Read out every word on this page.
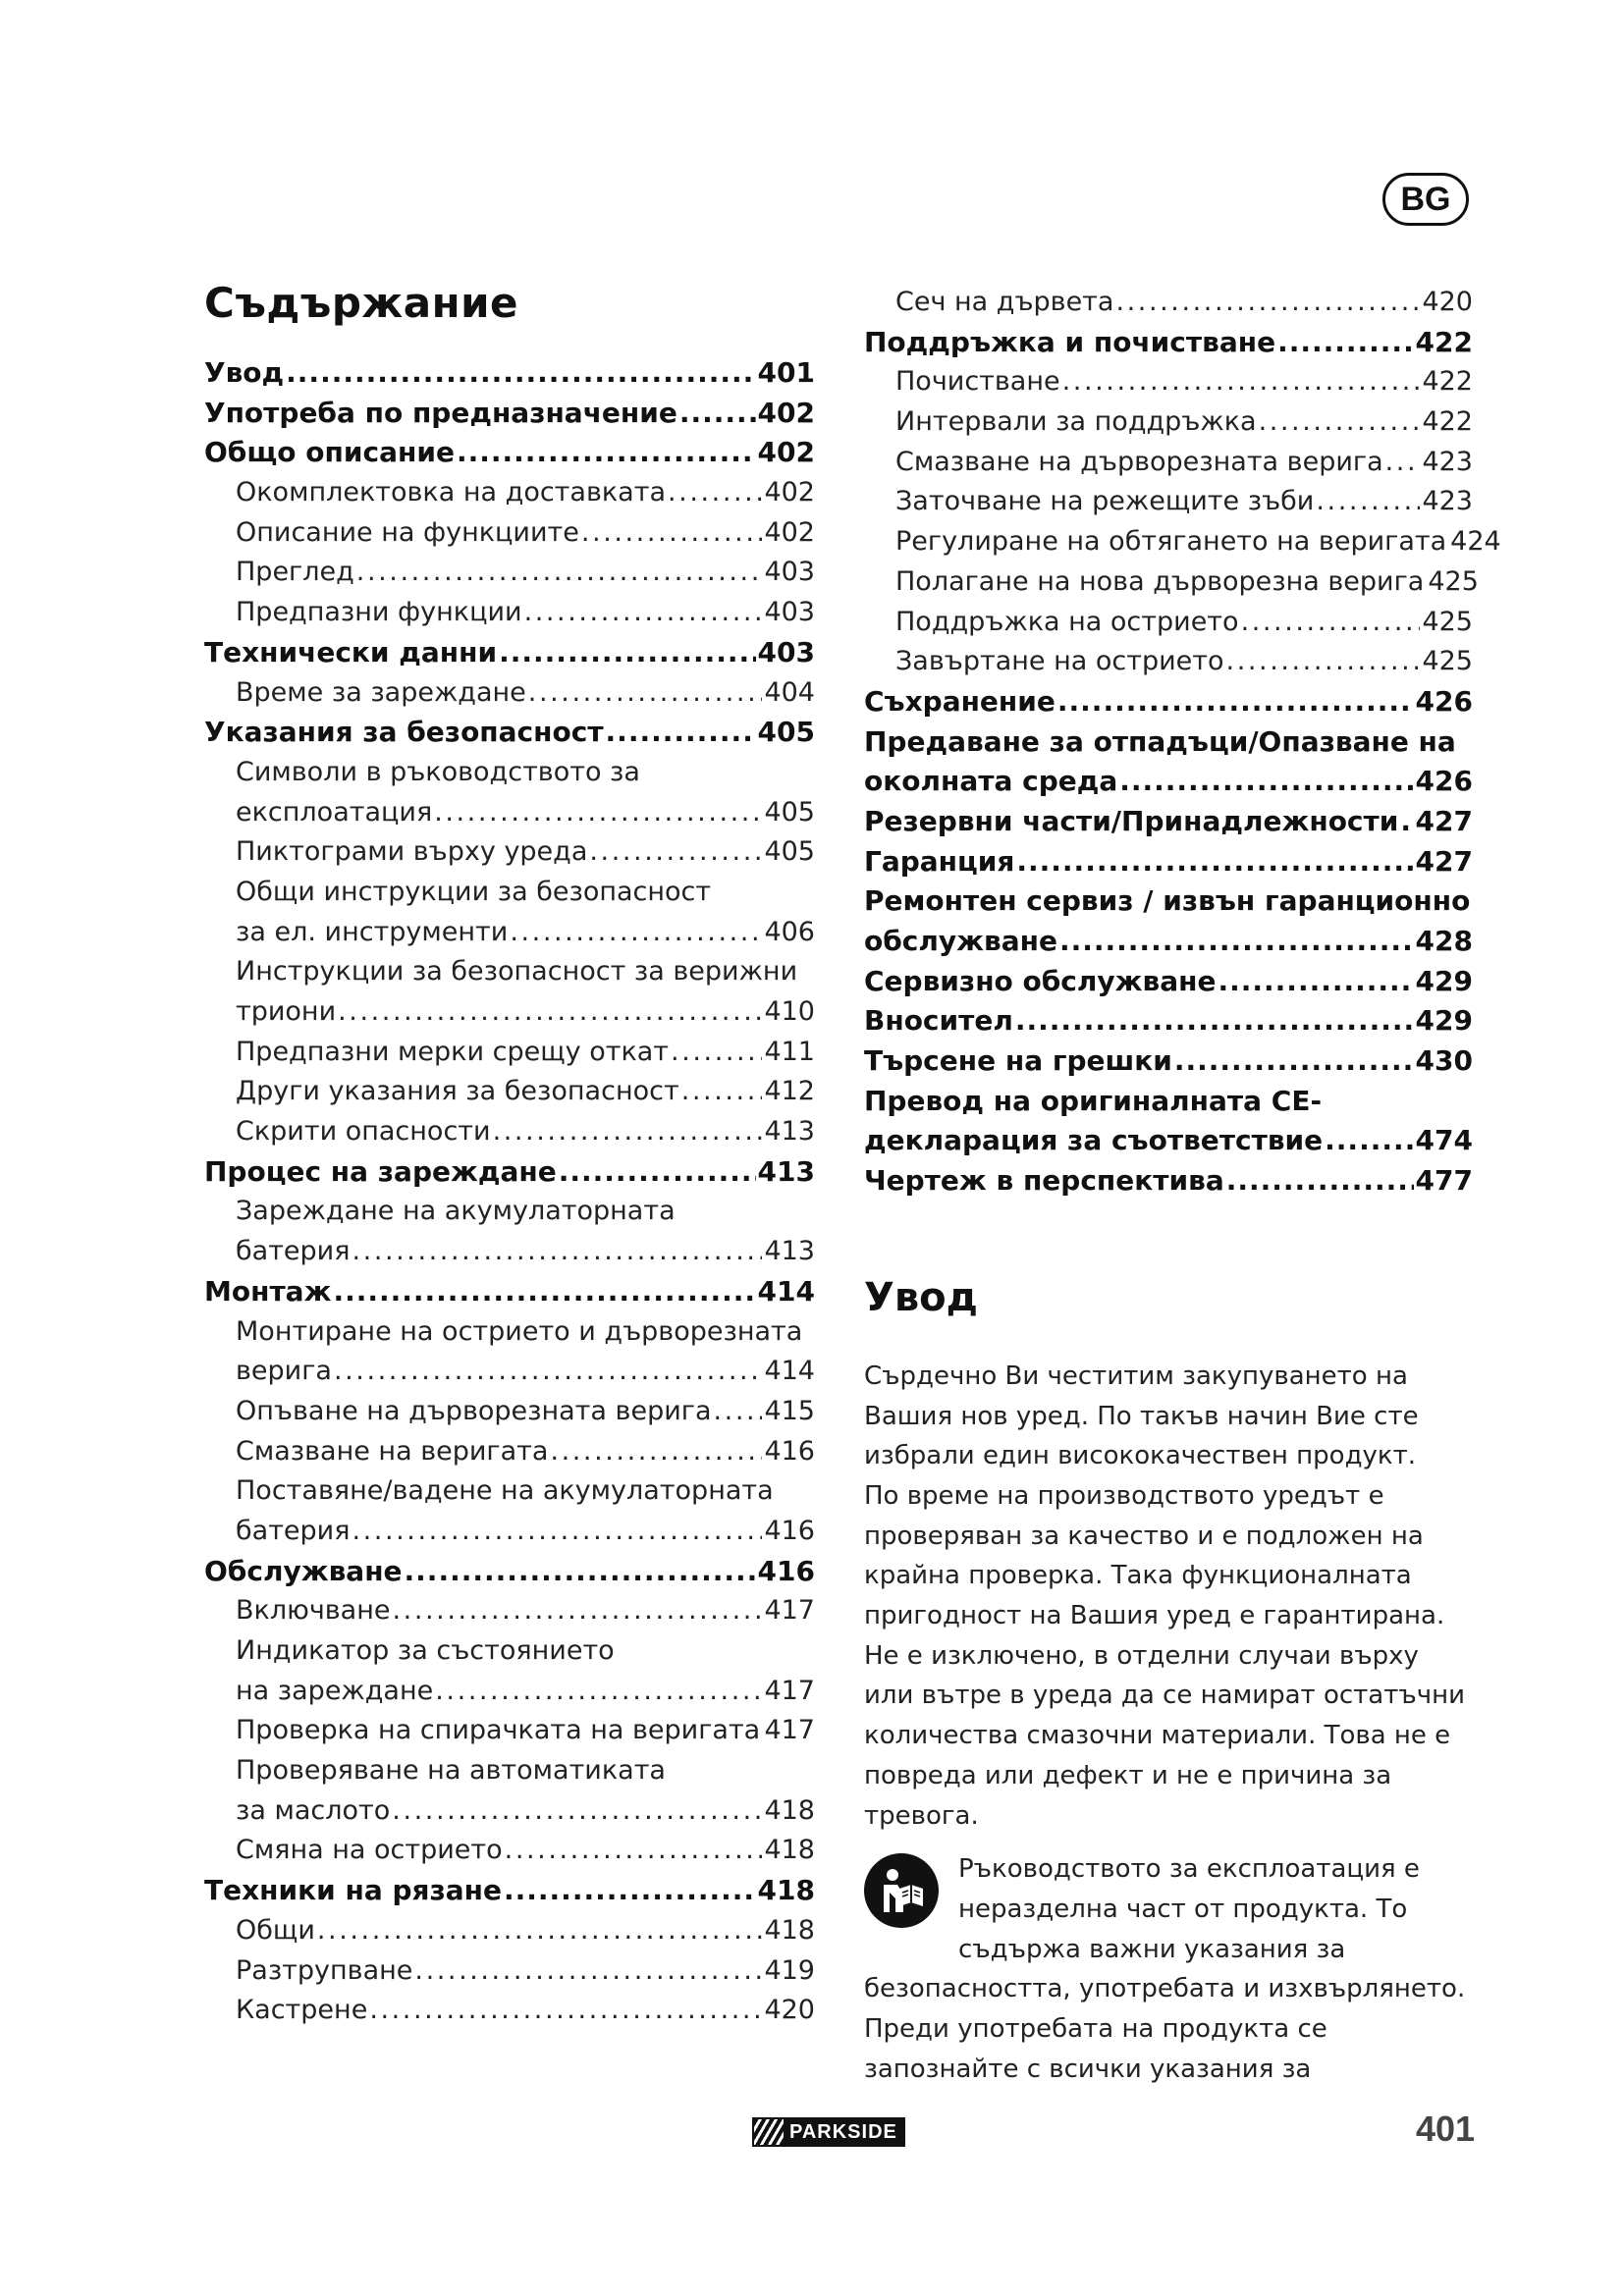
BG
Съдържание
Увод .....	401
Употреба по предназначение .....	402
Общо описание .....	402
Окомплектовка на доставката . . .	402
Описание на функциите . . .	402
Преглед . . .	403
Предпазни функции . . .	403
Технически данни .....	403
Време за зареждане . . .	404
Указания за безопасност .....	405
Символи в ръководството за
експлоатация . . .	405
Пиктограми върху уреда . . .	405
Общи инструкции за безопасност
за ел. инструменти . . .	406
Инструкции за безопасност за верижни
триони . . .	410
Предпазни мерки срещу откат . . .	411
Други указания за безопасност . . .	412
Скрити опасности . . .	413
Процес на зареждане .....	413
Зареждане на акумулаторната
батерия . . .	413
Монтаж .....	414
Монтиране на острието и дърворезната
верига . . .	414
Опъване на дърворезната верига . . . 415
Смазване на веригата . . .	416
Поставяне/вадене на акумулаторната
батерия . . .	416
Обслужване .....	416
Включване . . .	417
Индикатор за състоянието
на зареждане . . .	417
Проверка на спирачката на веригата . . . 417
Проверяване на автоматиката
за маслото . . .	418
Смяна на острието . . .	418
Техники на рязане .....	418
Общи . . .	418
Разтрупване . . .	419
Кастрене . . .	420
Сеч на дървета . . .	420
Поддръжка и почистване .....	422
Почистване . . .	422
Интервали за поддръжка . . .	422
Смазване на дърворезната верига . . . 423
Заточване на режещите зъби . . .	423
Регулиране на обтягането на веригата 424
Полагане на нова дърворезна верига 425
Поддръжка на острието . . .	425
Завъртане на острието . . .	425
Съхранение .....	426
Предаване за отпадъци/Опазване на
околната среда .....	426
Резервни части/Принадлежности ..... 427
Гаранция .....	427
Ремонтен сервиз / извън гаранционно
обслужване .....	428
Сервизно обслужване .....	429
Вносител .....	429
Търсене на грешки .....	430
Превод на оригиналната CE-
декларация за съответствие .....	474
Чертеж в перспектива .....	477
Увод

Сърдечно Ви честитим закупуването на Вашия нов уред. По такъв начин Вие сте избрали един висококачествен продукт.

По време на производството уредът е проверяван за качество и е подложен на крайна проверка. Така функционалната пригодност на Вашия уред е гарантирана. Не е изключено, в отделни случаи върху или вътре в уреда да се намират остатъчни количества смазочни материали. Това не е повреда или дефект и не е причина за тревога.

Ръководството за експлоатация е неразделна част от продукта. То съдържа важни указания за безопасността, употребата и изхвърлянето. Преди употребата на продукта се запознайте с всички указания за
PARKSIDE	401
